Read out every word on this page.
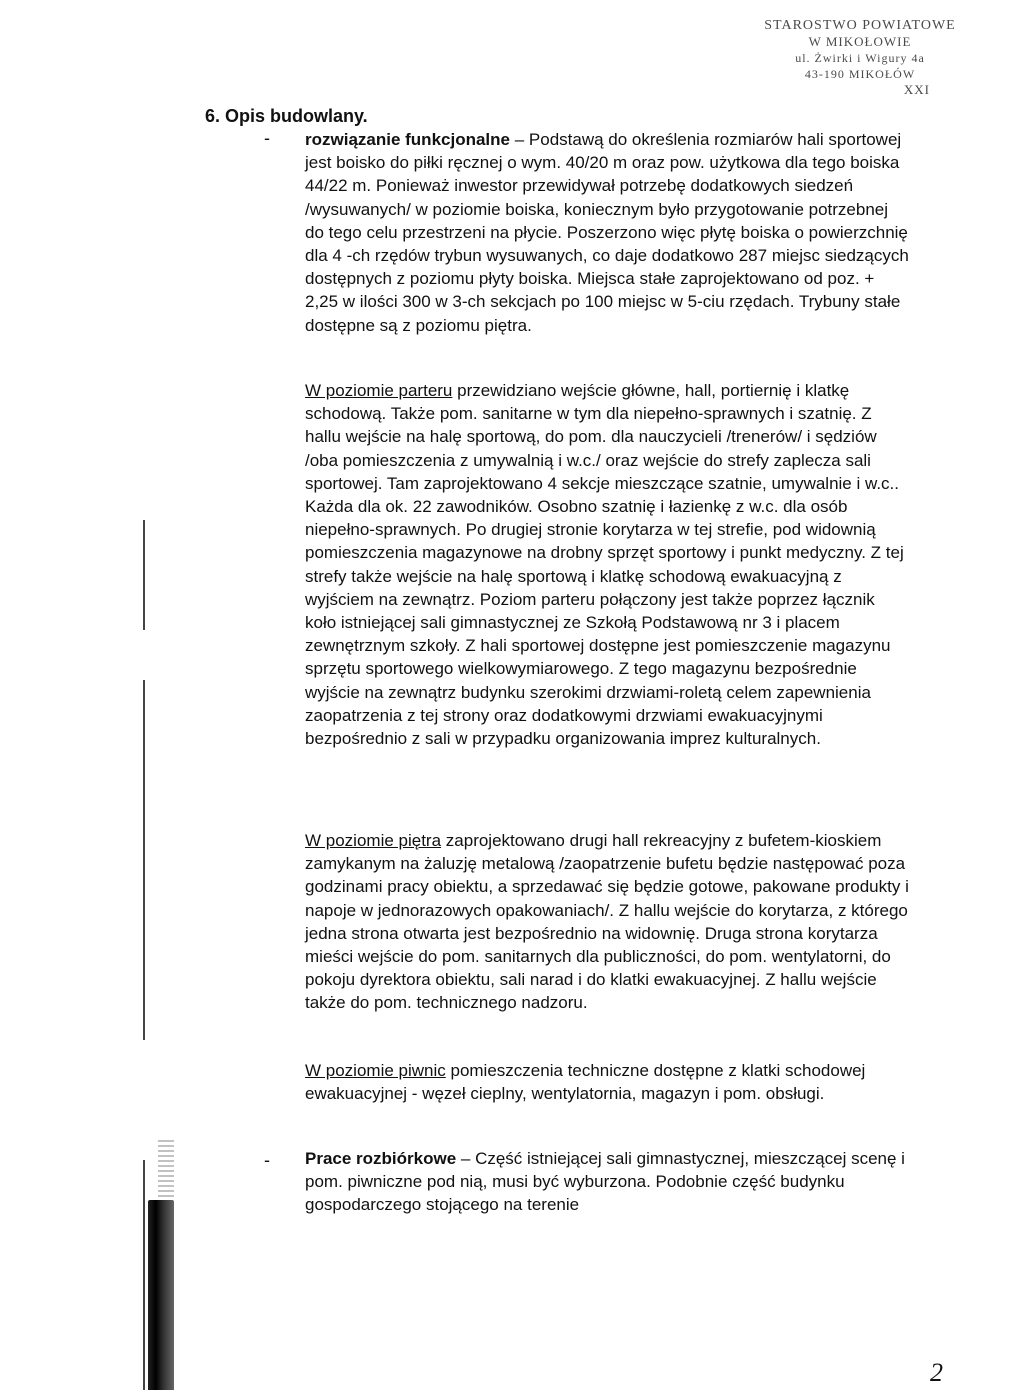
STAROSTWO POWIATOWE
W MIKOŁOWIE
ul. Żwirki i Wigury 4a
43-190 MIKOŁÓW
XXI
6. Opis budowlany.
- rozwiązanie funkcjonalne – Podstawą do określenia rozmiarów hali sportowej jest boisko do piłki ręcznej o wym. 40/20 m oraz pow. użytkowa dla tego boiska 44/22 m. Ponieważ inwestor przewidywał potrzebę dodatkowych siedzeń /wysuwanych/ w poziomie boiska, koniecznym było przygotowanie potrzebnej do tego celu przestrzeni na płycie. Poszerzono więc płytę boiska o powierzchnię dla 4 -ch rzędów trybun wysuwanych, co daje dodatkowo 287 miejsc siedzących dostępnych z poziomu płyty boiska. Miejsca stałe zaprojektowano od poz. + 2,25 w ilości 300 w 3-ch sekcjach po 100 miejsc w 5-ciu rzędach. Trybuny stałe dostępne są z poziomu piętra.
W poziomie parteru przewidziano wejście główne, hall, portiernię i klatkę schodową. Także pom. sanitarne w tym dla niepełno-sprawnych i szatnię. Z hallu wejście na halę sportową, do pom. dla nauczycieli /trenerów/ i sędziów /oba pomieszczenia z umywalnią i w.c./ oraz wejście do strefy zaplecza sali sportowej. Tam zaprojektowano 4 sekcje mieszczące szatnie, umywalnie i w.c.. Każda dla ok. 22 zawodników. Osobno szatnię i łazienkę z w.c. dla osób niepełno-sprawnych. Po drugiej stronie korytarza w tej strefie, pod widownią pomieszczenia magazynowe na drobny sprzęt sportowy i punkt medyczny. Z tej strefy także wejście na halę sportową i klatkę schodową ewakuacyjną z wyjściem na zewnątrz. Poziom parteru połączony jest także poprzez łącznik koło istniejącej sali gimnastycznej ze Szkołą Podstawową nr 3 i placem zewnętrznym szkoły. Z hali sportowej dostępne jest pomieszczenie magazynu sprzętu sportowego wielkowymiarowego. Z tego magazynu bezpośrednie wyjście na zewnątrz budynku szerokimi drzwiami-roletą celem zapewnienia zaopatrzenia z tej strony oraz dodatkowymi drzwiami ewakuacyjnymi bezpośrednio z sali w przypadku organizowania imprez kulturalnych.
W poziomie piętra zaprojektowano drugi hall rekreacyjny z bufetem-kioskiem zamykanym na żaluzję metalową /zaopatrzenie bufetu będzie następować poza godzinami pracy obiektu, a sprzedawać się będzie gotowe, pakowane produkty i napoje w jednorazowych opakowaniach/. Z hallu wejście do korytarza, z którego jedna strona otwarta jest bezpośrednio na widownię. Druga strona korytarza mieści wejście do pom. sanitarnych dla publiczności, do pom. wentylatorni, do pokoju dyrektora obiektu, sali narad i do klatki ewakuacyjnej. Z hallu wejście także do pom. technicznego nadzoru.
W poziomie piwnic pomieszczenia techniczne dostępne z klatki schodowej ewakuacyjnej - węzeł cieplny, wentylatornia, magazyn i pom. obsługi.
- Prace rozbiórkowe – Część istniejącej sali gimnastycznej, mieszczącej scenę i pom. piwniczne pod nią, musi być wyburzona. Podobnie część budynku gospodarczego stojącego na terenie
2
